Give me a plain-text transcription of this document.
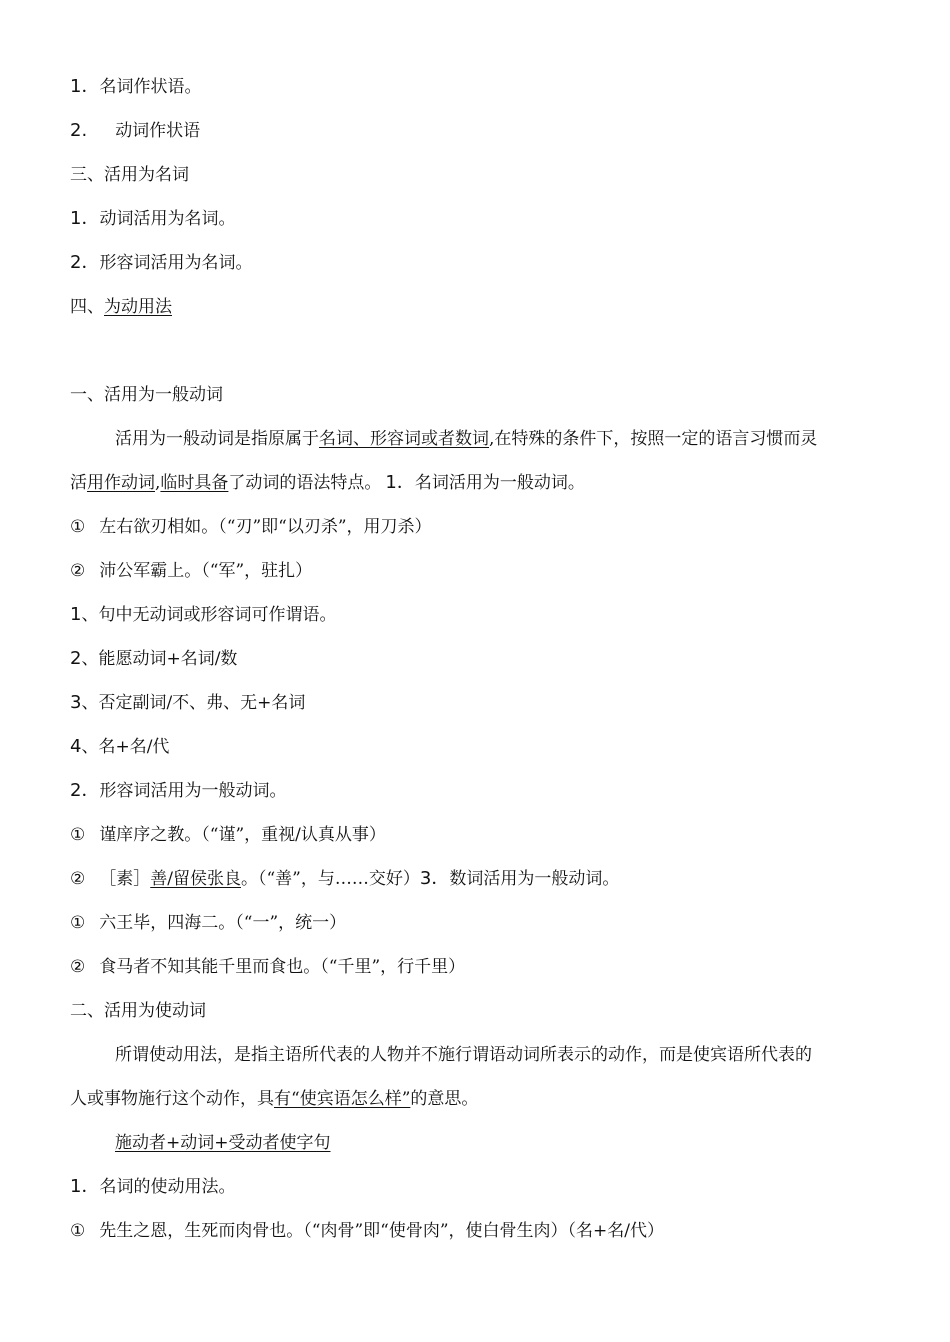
1．名词作状语。
2. 动词作状语
三、活用为名词
1．动词活用为名词。
2．形容词活用为名词。
四、为动用法
一、活用为一般动词
活用为一般动词是指原属于名词、形容词或者数词,在特殊的条件下，按照一定的语言习惯而灵
活用作动词,临时具备了动词的语法特点。 1．名词活用为一般动词。
① 左右欲刃相如。（“刃”即“以刃杀”，用刀杀）
② 沛公军霸上。（“军”，驻扎）
1、句中无动词或形容词可作谓语。
2、能愿动词+名词/数
3、否定副词/不、弗、无+名词
4、名+名/代
2．形容词活用为一般动词。
① 谨庠序之教。（“谨”，重视/认真从事）
② ［素］善/留侯张良。（“善”，与……交好）3．数词活用为一般动词。
① 六王毕，四海二。（“一”，统一）
② 食马者不知其能千里而食也。（“千里”，行千里）
二、活用为使动词
所谓使动用法，是指主语所代表的人物并不施行谓语动词所表示的动作，而是使宾语所代表的
人或事物施行这个动作，具有“使宾语怎么样”的意思。
施动者+动词+受动者使字句
1．名词的使动用法。
① 先生之恩，生死而肉骨也。（“肉骨”即“使骨肉”，使白骨生肉）（名+名/代）
